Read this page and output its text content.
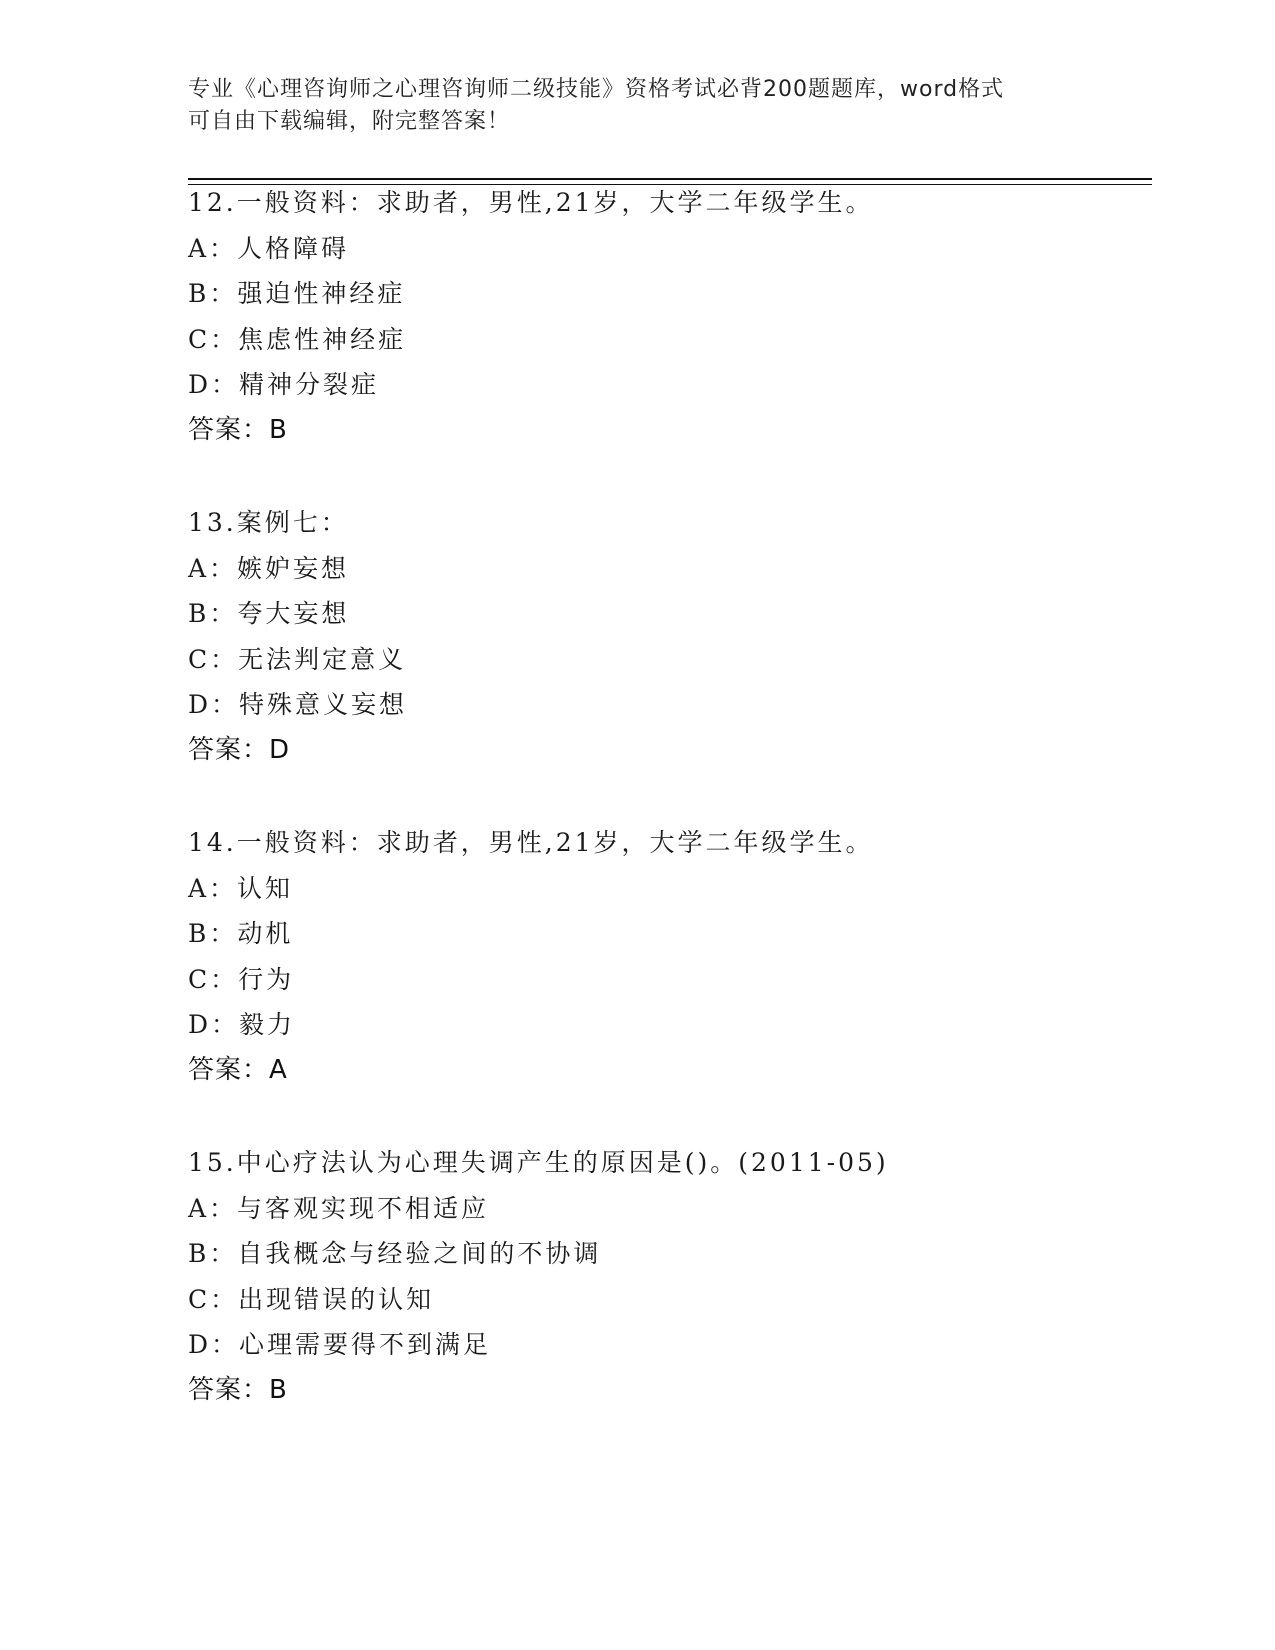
专业《心理咨询师之心理咨询师二级技能》资格考试必背200题题库，word格式
可自由下载编辑，附完整答案！
12.一般资料：求助者，男性,21岁，大学二年级学生。
A：人格障碍
B：强迫性神经症
C：焦虑性神经症
D：精神分裂症
答案：B
13.案例七：
A：嫉妒妄想
B：夸大妄想
C：无法判定意义
D：特殊意义妄想
答案：D
14.一般资料：求助者，男性,21岁，大学二年级学生。
A：认知
B：动机
C：行为
D：毅力
答案：A
15.中心疗法认为心理失调产生的原因是()。(2011-05)
A：与客观实现不相适应
B：自我概念与经验之间的不协调
C：出现错误的认知
D：心理需要得不到满足
答案：B
